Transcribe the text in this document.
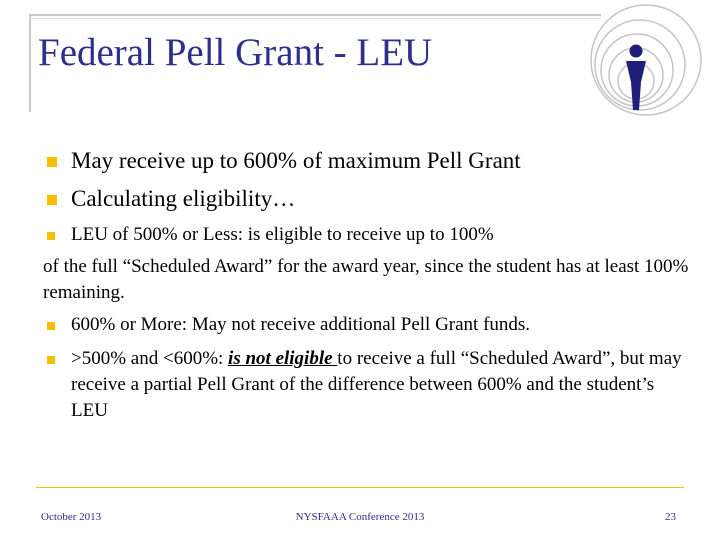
Federal Pell Grant - LEU
May receive up to 600% of maximum Pell Grant
Calculating eligibility…
LEU of 500% or Less: is eligible to receive up to 100%

of the full “Scheduled Award” for the award year, since the student has at least 100% remaining.

600% or More: May not receive additional Pell Grant funds.
>500% and <600%: is not eligible to receive a full “Scheduled Award”, but may receive a partial Pell Grant of the difference between 600% and the student’s LEU
October 2013	NYSFAAA Conference 2013	23
